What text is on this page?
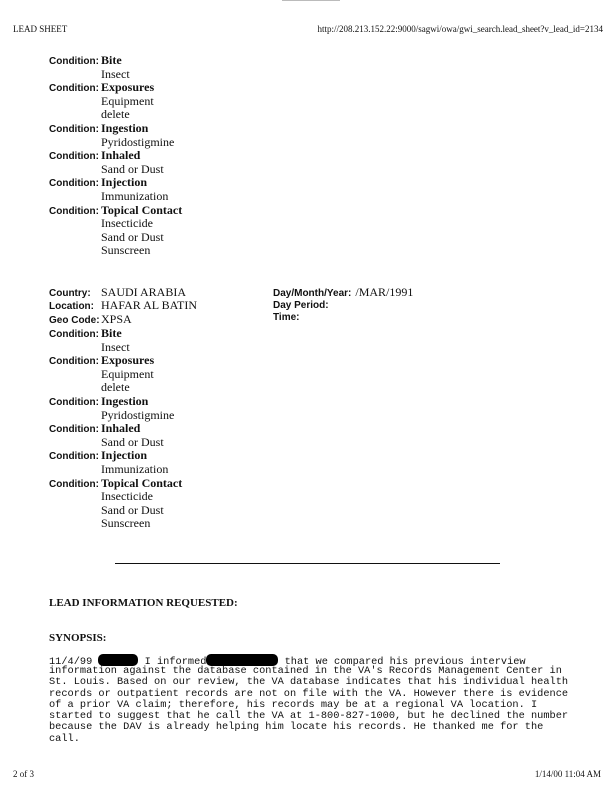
LEAD SHEET	http://208.213.152.22:9000/sagwi/owa/gwi_search.lead_sheet?v_lead_id=2134
Condition: Bite
Insect
Condition: Exposures
Equipment
delete
Condition: Ingestion
Pyridostigmine
Condition: Inhaled
Sand or Dust
Condition: Injection
Immunization
Condition: Topical Contact
Insecticide
Sand or Dust
Sunscreen
Country: SAUDI ARABIA
Location: HAFAR AL BATIN
Geo Code:XPSA
Day/Month/Year: /MAR/1991
Day Period:
Time:
Condition: Bite
Insect
Condition: Exposures
Equipment
delete
Condition: Ingestion
Pyridostigmine
Condition: Inhaled
Sand or Dust
Condition: Injection
Immunization
Condition: Topical Contact
Insecticide
Sand or Dust
Sunscreen
LEAD INFORMATION REQUESTED:
SYNOPSIS:
11/4/99	I informed	that we compared his previous interview
information against the database contained in the VA's Records Management Center in
St. Louis. Based on our review, the VA database indicates that his individual health
records or outpatient records are not on file with the VA. However there is evidence
of a prior VA claim; therefore, his records may be at a regional VA location. I
started to suggest that he call the VA at 1-800-827-1000, but he declined the number
because the DAV is already helping him locate his records. He thanked me for the
call.
2 of 3	1/14/00 11:04 AM
